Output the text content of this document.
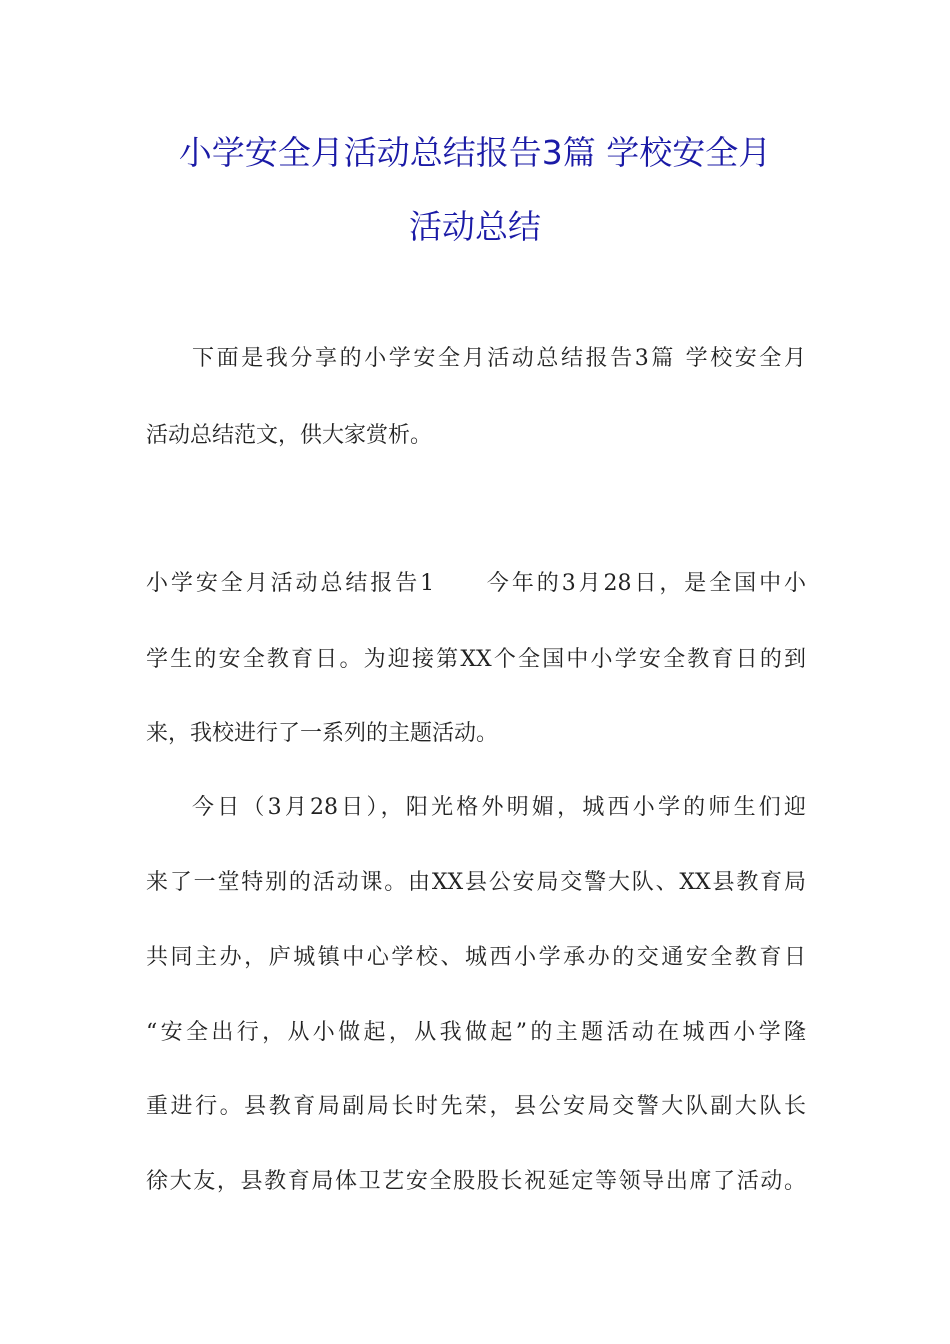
小学安全月活动总结报告3篇 学校安全月
活动总结
下面是我分享的小学安全月活动总结报告3篇 学校安全月
活动总结范文，供大家赏析。
小学安全月活动总结报告1　　今年的3月28日，是全国中小
学生的安全教育日。为迎接第XX个全国中小学安全教育日的到
来，我校进行了一系列的主题活动。
今日（3月28日），阳光格外明媚，城西小学的师生们迎
来了一堂特别的活动课。由XX县公安局交警大队、XX县教育局
共同主办，庐城镇中心学校、城西小学承办的交通安全教育日
“安全出行，从小做起，从我做起”的主题活动在城西小学隆
重进行。县教育局副局长时先荣，县公安局交警大队副大队长
徐大友，县教育局体卫艺安全股股长祝延定等领导出席了活动。
